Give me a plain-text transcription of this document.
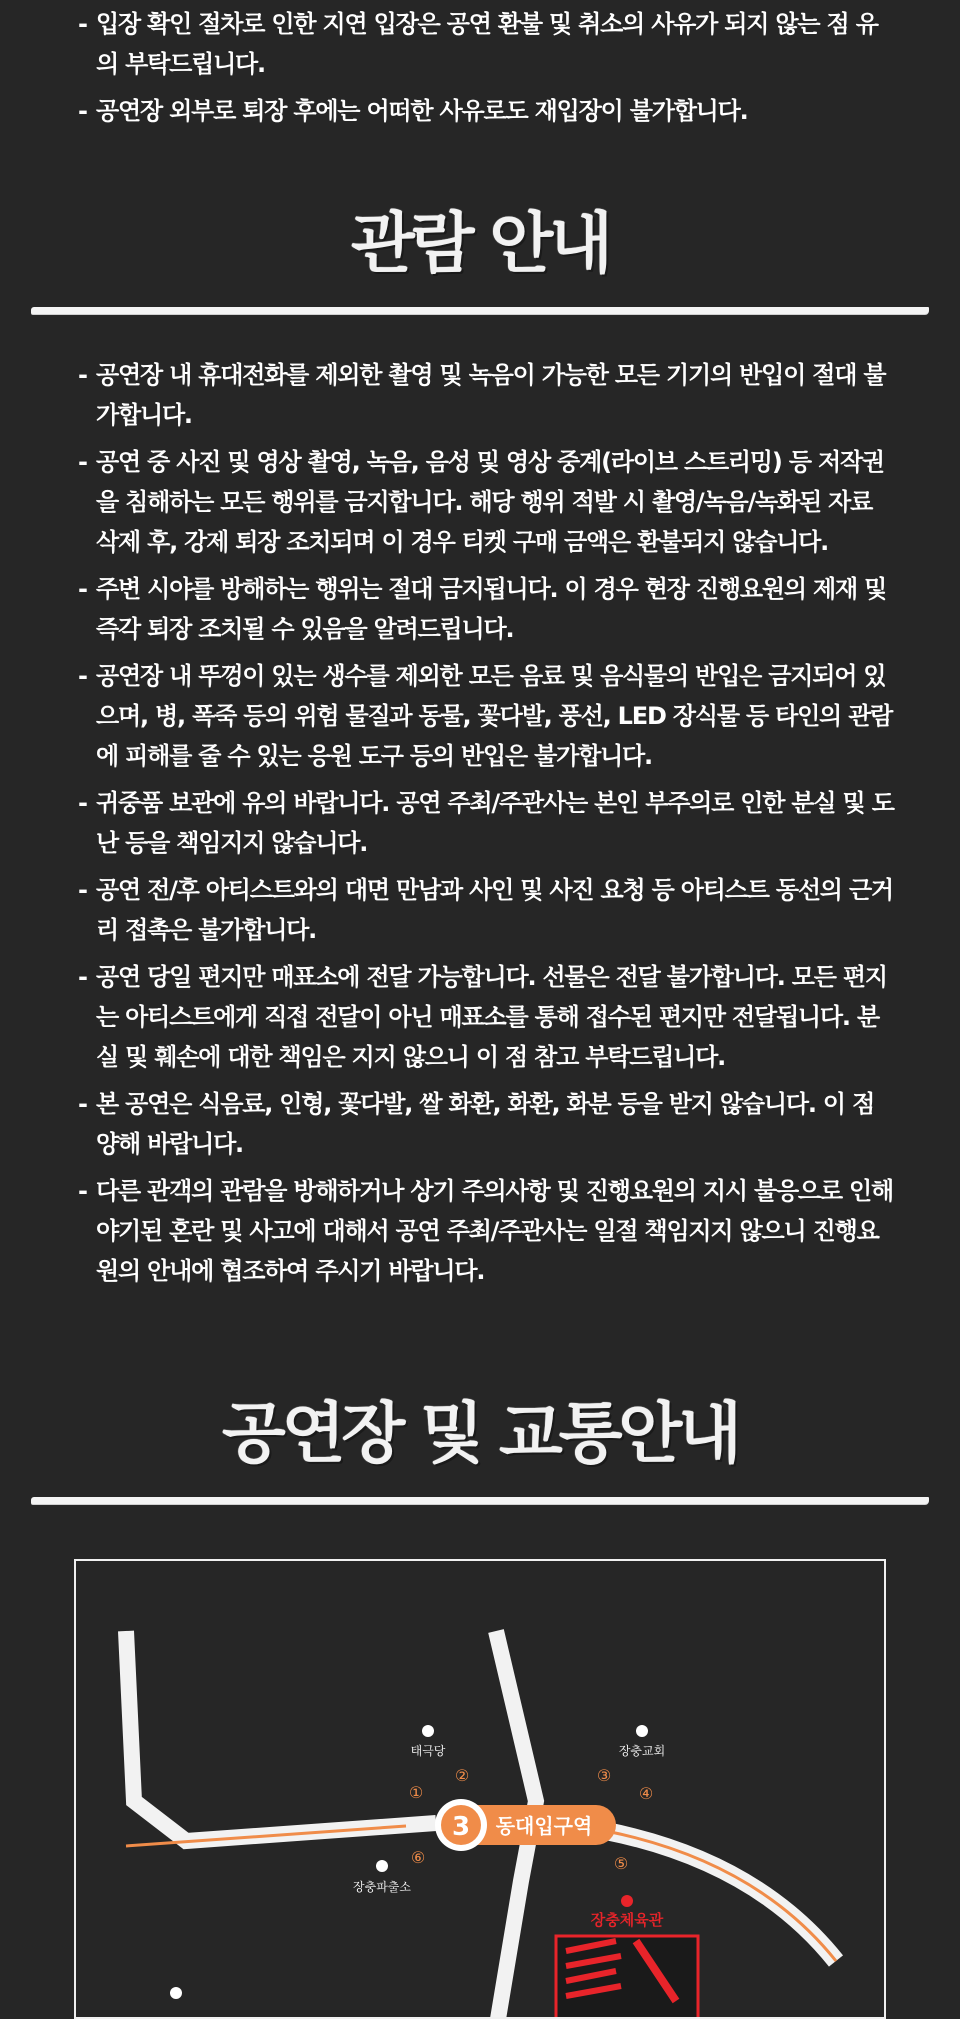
- 입장 확인 절차로 인한 지연 입장은 공연 환불 및 취소의 사유가 되지 않는 점 유의 부탁드립니다.
- 공연장 외부로 퇴장 후에는 어떠한 사유로도 재입장이 불가합니다.
관람 안내
- 공연장 내 휴대전화를 제외한 촬영 및 녹음이 가능한 모든 기기의 반입이 절대 불가합니다.
- 공연 중 사진 및 영상 촬영, 녹음, 음성 및 영상 중계(라이브 스트리밍) 등 저작권을 침해하는 모든 행위를 금지합니다. 해당 행위 적발 시 촬영/녹음/녹화된 자료 삭제 후, 강제 퇴장 조치되며 이 경우 티켓 구매 금액은 환불되지 않습니다.
- 주변 시야를 방해하는 행위는 절대 금지됩니다. 이 경우 현장 진행요원의 제재 및 즉각 퇴장 조치될 수 있음을 알려드립니다.
- 공연장 내 뚜껑이 있는 생수를 제외한 모든 음료 및 음식물의 반입은 금지되어 있으며, 병, 폭죽 등의 위험 물질과 동물, 꽃다발, 풍선, LED 장식물 등 타인의 관람에 피해를 줄 수 있는 응원 도구 등의 반입은 불가합니다.
- 귀중품 보관에 유의 바랍니다. 공연 주최/주관사는 본인 부주의로 인한 분실 및 도난 등을 책임지지 않습니다.
- 공연 전/후 아티스트와의 대면 만남과 사인 및 사진 요청 등 아티스트 동선의 근거리 접촉은 불가합니다.
- 공연 당일 편지만 매표소에 전달 가능합니다. 선물은 전달 불가합니다. 모든 편지는 아티스트에게 직접 전달이 아닌 매표소를 통해 접수된 편지만 전달됩니다. 분실 및 훼손에 대한 책임은 지지 않으니 이 점 참고 부탁드립니다.
- 본 공연은 식음료, 인형, 꽃다발, 쌀 화환, 화환, 화분 등을 받지 않습니다. 이 점 양해 바랍니다.
- 다른 관객의 관람을 방해하거나 상기 주의사항 및 진행요원의 지시 불응으로 인해 야기된 혼란 및 사고에 대해서 공연 주최/주관사는 일절 책임지지 않으니 진행요원의 안내에 협조하여 주시기 바랍니다.
공연장 및 교통안내
3 동대입구역
태극당	장충교회
장충파출소
①
②	③
④
⑤
⑥
장충체육관
